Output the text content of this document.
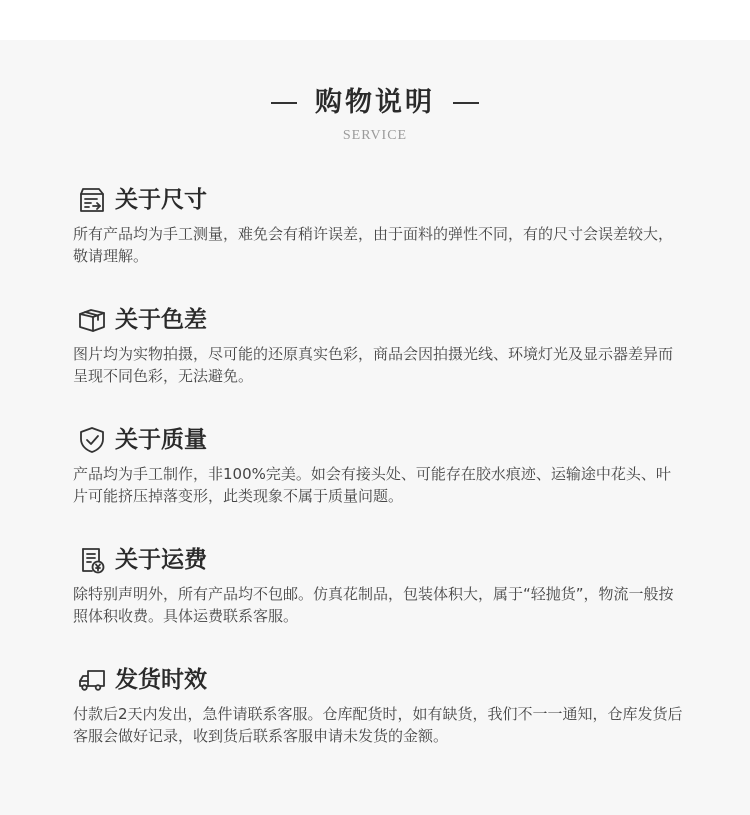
购物说明
SERVICE
关于尺寸
所有产品均为手工测量，难免会有稍许误差，由于面料的弹性不同，有的尺寸会误差较大，敬请理解。
关于色差
图片均为实物拍摄，尽可能的还原真实色彩，商品会因拍摄光线、环境灯光及显示器差异而呈现不同色彩，无法避免。
关于质量
产品均为手工制作，非100%完美。如会有接头处、可能存在胶水痕迹、运输途中花头、叶片可能挤压掉落变形，此类现象不属于质量问题。
关于运费
除特别声明外，所有产品均不包邮。仿真花制品，包装体积大，属于“轻抛货”，物流一般按照体积收费。具体运费联系客服。
发货时效
付款后2天内发出，急件请联系客服。仓库配货时，如有缺货，我们不一一通知，仓库发货后客服会做好记录，收到货后联系客服申请未发货的金额。
